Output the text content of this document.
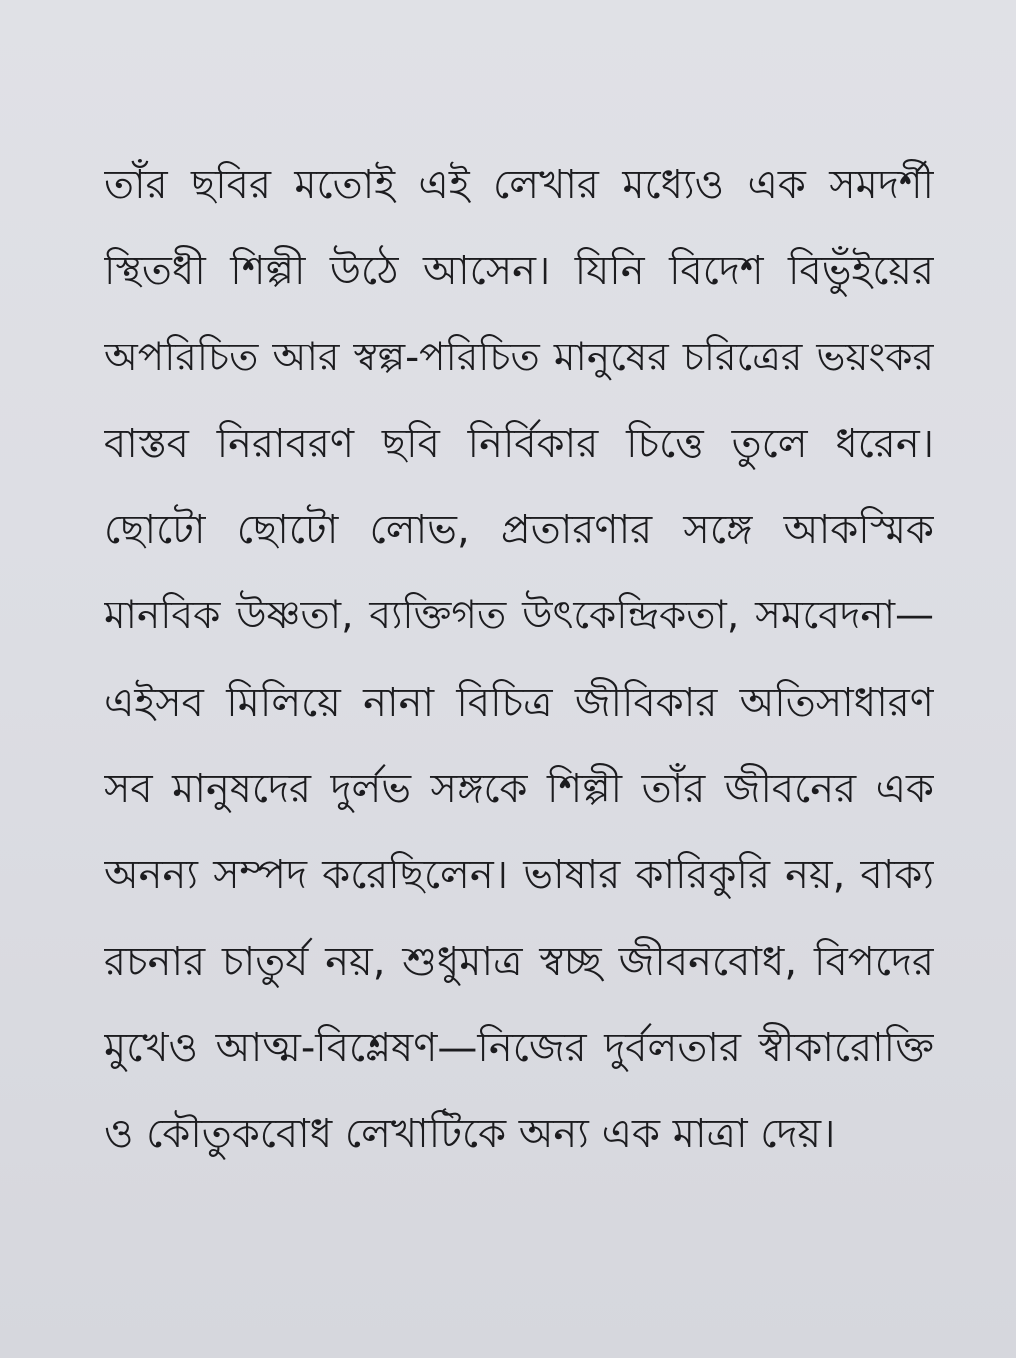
তাঁর ছবির মতোই এই লেখার মধ্যেও এক সমদর্শী
স্থিতধী শিল্পী উঠে আসেন। যিনি বিদেশ বিভুঁইয়ের
অপরিচিত আর স্বল্প-পরিচিত মানুষের চরিত্রের ভয়ংকর
বাস্তব নিরাবরণ ছবি নির্বিকার চিত্তে তুলে ধরেন।
ছোটো ছোটো লোভ, প্রতারণার সঙ্গে আকস্মিক
মানবিক উষ্ণতা, ব্যক্তিগত উৎকেন্দ্রিকতা, সমবেদনা—
এইসব মিলিয়ে নানা বিচিত্র জীবিকার অতিসাধারণ
সব মানুষদের দুর্লভ সঙ্গকে শিল্পী তাঁর জীবনের এক
অনন্য সম্পদ করেছিলেন। ভাষার কারিকুরি নয়, বাক্য
রচনার চাতুর্য নয়, শুধুমাত্র স্বচ্ছ জীবনবোধ, বিপদের
মুখেও আত্ম-বিশ্লেষণ—নিজের দুর্বলতার স্বীকারোক্তি
ও কৌতুকবোধ লেখাটিকে অন্য এক মাত্রা দেয়।
